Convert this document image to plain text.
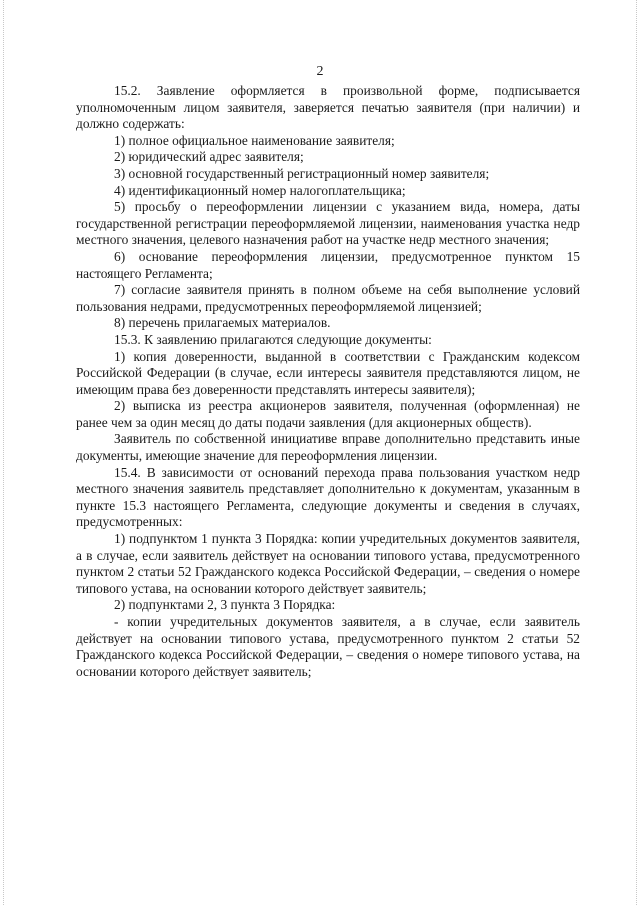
2

15.2. Заявление оформляется в произвольной форме, подписывается уполномоченным лицом заявителя, заверяется печатью заявителя (при наличии) и должно содержать:

1) полное официальное наименование заявителя;

2) юридический адрес заявителя;

3) основной государственный регистрационный номер заявителя;

4) идентификационный номер налогоплательщика;

5) просьбу о переоформлении лицензии с указанием вида, номера, даты государственной регистрации переоформляемой лицензии, наименования участка недр местного значения, целевого назначения работ на участке недр местного значения;

6) основание переоформления лицензии, предусмотренное пунктом 15 настоящего Регламента;

7) согласие заявителя принять в полном объеме на себя выполнение условий пользования недрами, предусмотренных переоформляемой лицензией;

8) перечень прилагаемых материалов.

15.3. К заявлению прилагаются следующие документы:

1) копия доверенности, выданной в соответствии с Гражданским кодексом Российской Федерации (в случае, если интересы заявителя представляются лицом, не имеющим права без доверенности представлять интересы заявителя);

2) выписка из реестра акционеров заявителя, полученная (оформленная) не ранее чем за один месяц до даты подачи заявления (для акционерных обществ).

Заявитель по собственной инициативе вправе дополнительно представить иные документы, имеющие значение для переоформления лицензии.

15.4. В зависимости от оснований перехода права пользования участком недр местного значения заявитель представляет дополнительно к документам, указанным в пункте 15.3 настоящего Регламента, следующие документы и сведения в случаях, предусмотренных:

1) подпунктом 1 пункта 3 Порядка: копии учредительных документов заявителя, а в случае, если заявитель действует на основании типового устава, предусмотренного пунктом 2 статьи 52 Гражданского кодекса Российской Федерации, – сведения о номере типового устава, на основании которого действует заявитель;

2) подпунктами 2, 3 пункта 3 Порядка:

- копии учредительных документов заявителя, а в случае, если заявитель действует на основании типового устава, предусмотренного пунктом 2 статьи 52 Гражданского кодекса Российской Федерации, – сведения о номере типового устава, на основании которого действует заявитель;
